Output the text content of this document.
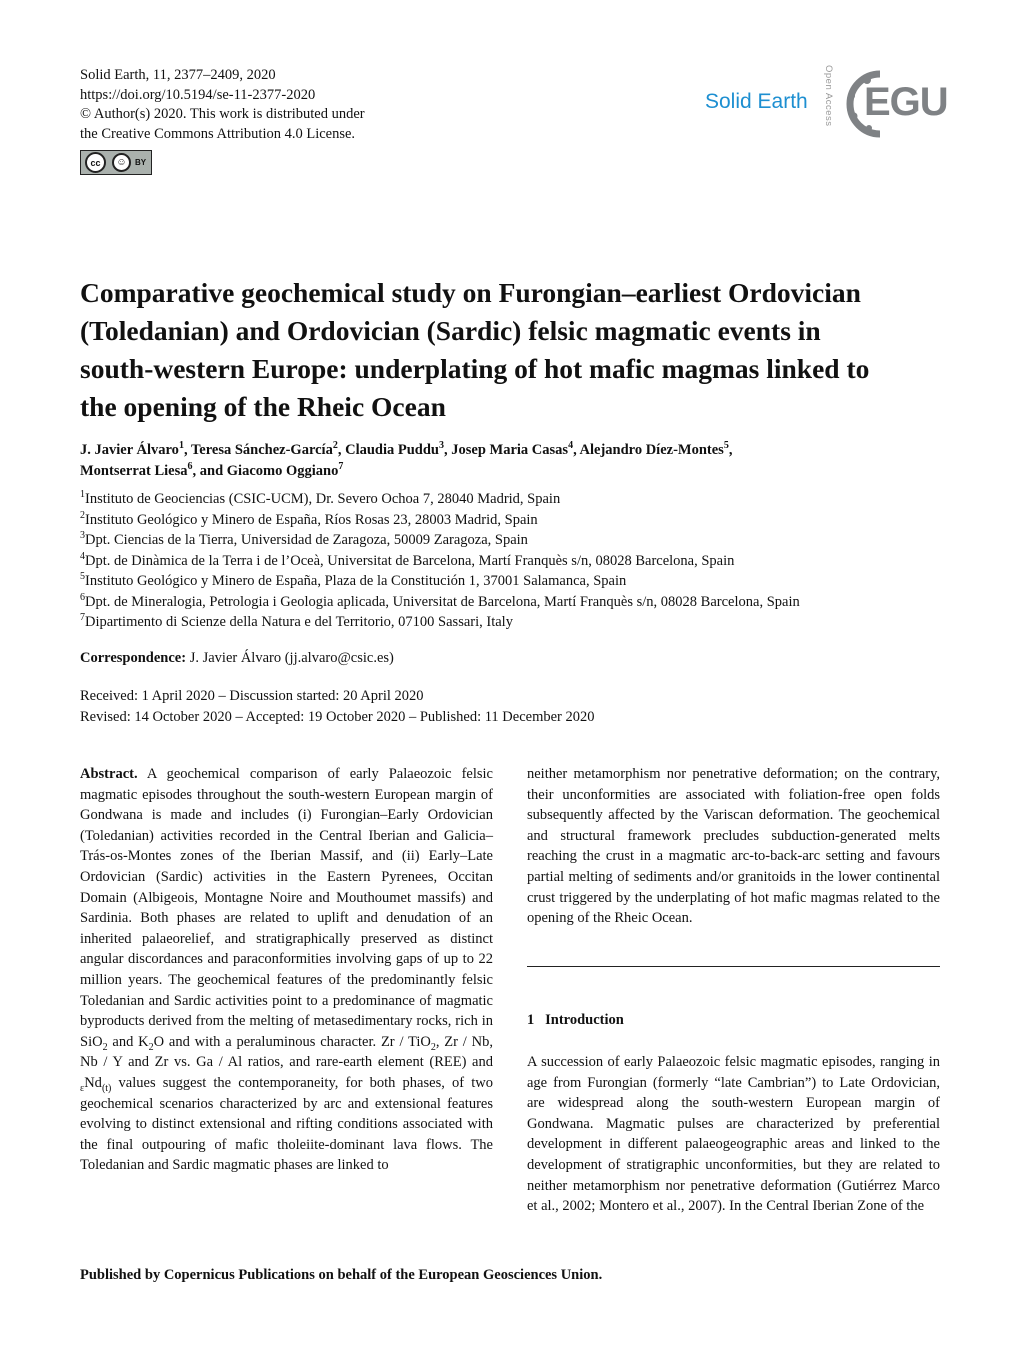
Solid Earth, 11, 2377–2409, 2020
https://doi.org/10.5194/se-11-2377-2020
© Author(s) 2020. This work is distributed under
the Creative Commons Attribution 4.0 License.
cc	☺	BY
Solid Earth Open Access EGU
Comparative geochemical study on Furongian–earliest Ordovician
(Toledanian) and Ordovician (Sardic) felsic magmatic events in
south-western Europe: underplating of hot mafic magmas linked to
the opening of the Rheic Ocean
J. Javier Álvaro$^1$, Teresa Sánchez-García$^2$, Claudia Puddu$^3$, Josep Maria Casas$^4$, Alejandro Díez-Montes$^5$,
Montserrat Liesa$^6$, and Giacomo Oggiano$^7$
$^1$Instituto de Geociencias (CSIC-UCM), Dr. Severo Ochoa 7, 28040 Madrid, Spain
$^2$Instituto Geológico y Minero de España, Ríos Rosas 23, 28003 Madrid, Spain
$^3$Dpt. Ciencias de la Tierra, Universidad de Zaragoza, 50009 Zaragoza, Spain
$^4$Dpt. de Dinàmica de la Terra i de l’Oceà, Universitat de Barcelona, Martí Franquès s/n, 08028 Barcelona, Spain
$^5$Instituto Geológico y Minero de España, Plaza de la Constitución 1, 37001 Salamanca, Spain
$^6$Dpt. de Mineralogia, Petrologia i Geologia aplicada, Universitat de Barcelona, Martí Franquès s/n, 08028 Barcelona, Spain
$^7$Dipartimento di Scienze della Natura e del Territorio, 07100 Sassari, Italy
Correspondence: J. Javier Álvaro (jj.alvaro@csic.es)
Received: 1 April 2020 – Discussion started: 20 April 2020
Revised: 14 October 2020 – Accepted: 19 October 2020 – Published: 11 December 2020

Abstract. A geochemical comparison of early Palaeozoic felsic magmatic episodes throughout the south-western European margin of Gondwana is made and includes (i) Furongian–Early Ordovician (Toledanian) activities recorded in the Central Iberian and Galicia–Trás-os-Montes zones of the Iberian Massif, and (ii) Early–Late Ordovician (Sardic) activities in the Eastern Pyrenees, Occitan Domain (Albigeois, Montagne Noire and Mouthoumet massifs) and Sardinia. Both phases are related to uplift and denudation of an inherited palaeorelief, and stratigraphically preserved as distinct angular discordances and paraconformities involving gaps of up to 22 million years. The geochemical features of the predominantly felsic Toledanian and Sardic activities point to a predominance of magmatic byproducts derived from the melting of metasedimentary rocks, rich in SiO$_2$ and $K_2O$ and with a peraluminous character. Zr / TiO$_2$, Zr / Nb, Nb / Y and Zr vs. Ga / Al ratios, and rare-earth element (REE) and $_\varepsilon Nd_{(t)}$ values suggest the contemporaneity, for both phases, of two geochemical scenarios characterized by arc and extensional features evolving to distinct extensional and rifting conditions associated with the final outpouring of mafic tholeiite-dominant lava flows. The Toledanian and Sardic magmatic phases are linked to

neither metamorphism nor penetrative deformation; on the contrary, their unconformities are associated with foliation-free open folds subsequently affected by the Variscan deformation. The geochemical and structural framework precludes subduction-generated melts reaching the crust in a magmatic arc-to-back-arc setting and favours partial melting of sediments and/or granitoids in the lower continental crust triggered by the underplating of hot mafic magmas related to the opening of the Rheic Ocean.

1 Introduction

A succession of early Palaeozoic felsic magmatic episodes, ranging in age from Furongian (formerly “late Cambrian”) to Late Ordovician, are widespread along the south-western European margin of Gondwana. Magmatic pulses are characterized by preferential development in different palaeogeographic areas and linked to the development of stratigraphic unconformities, but they are related to neither metamorphism nor penetrative deformation (Gutiérrez Marco et al., 2002; Montero et al., 2007). In the Central Iberian Zone of the

Published by Copernicus Publications on behalf of the European Geosciences Union.
